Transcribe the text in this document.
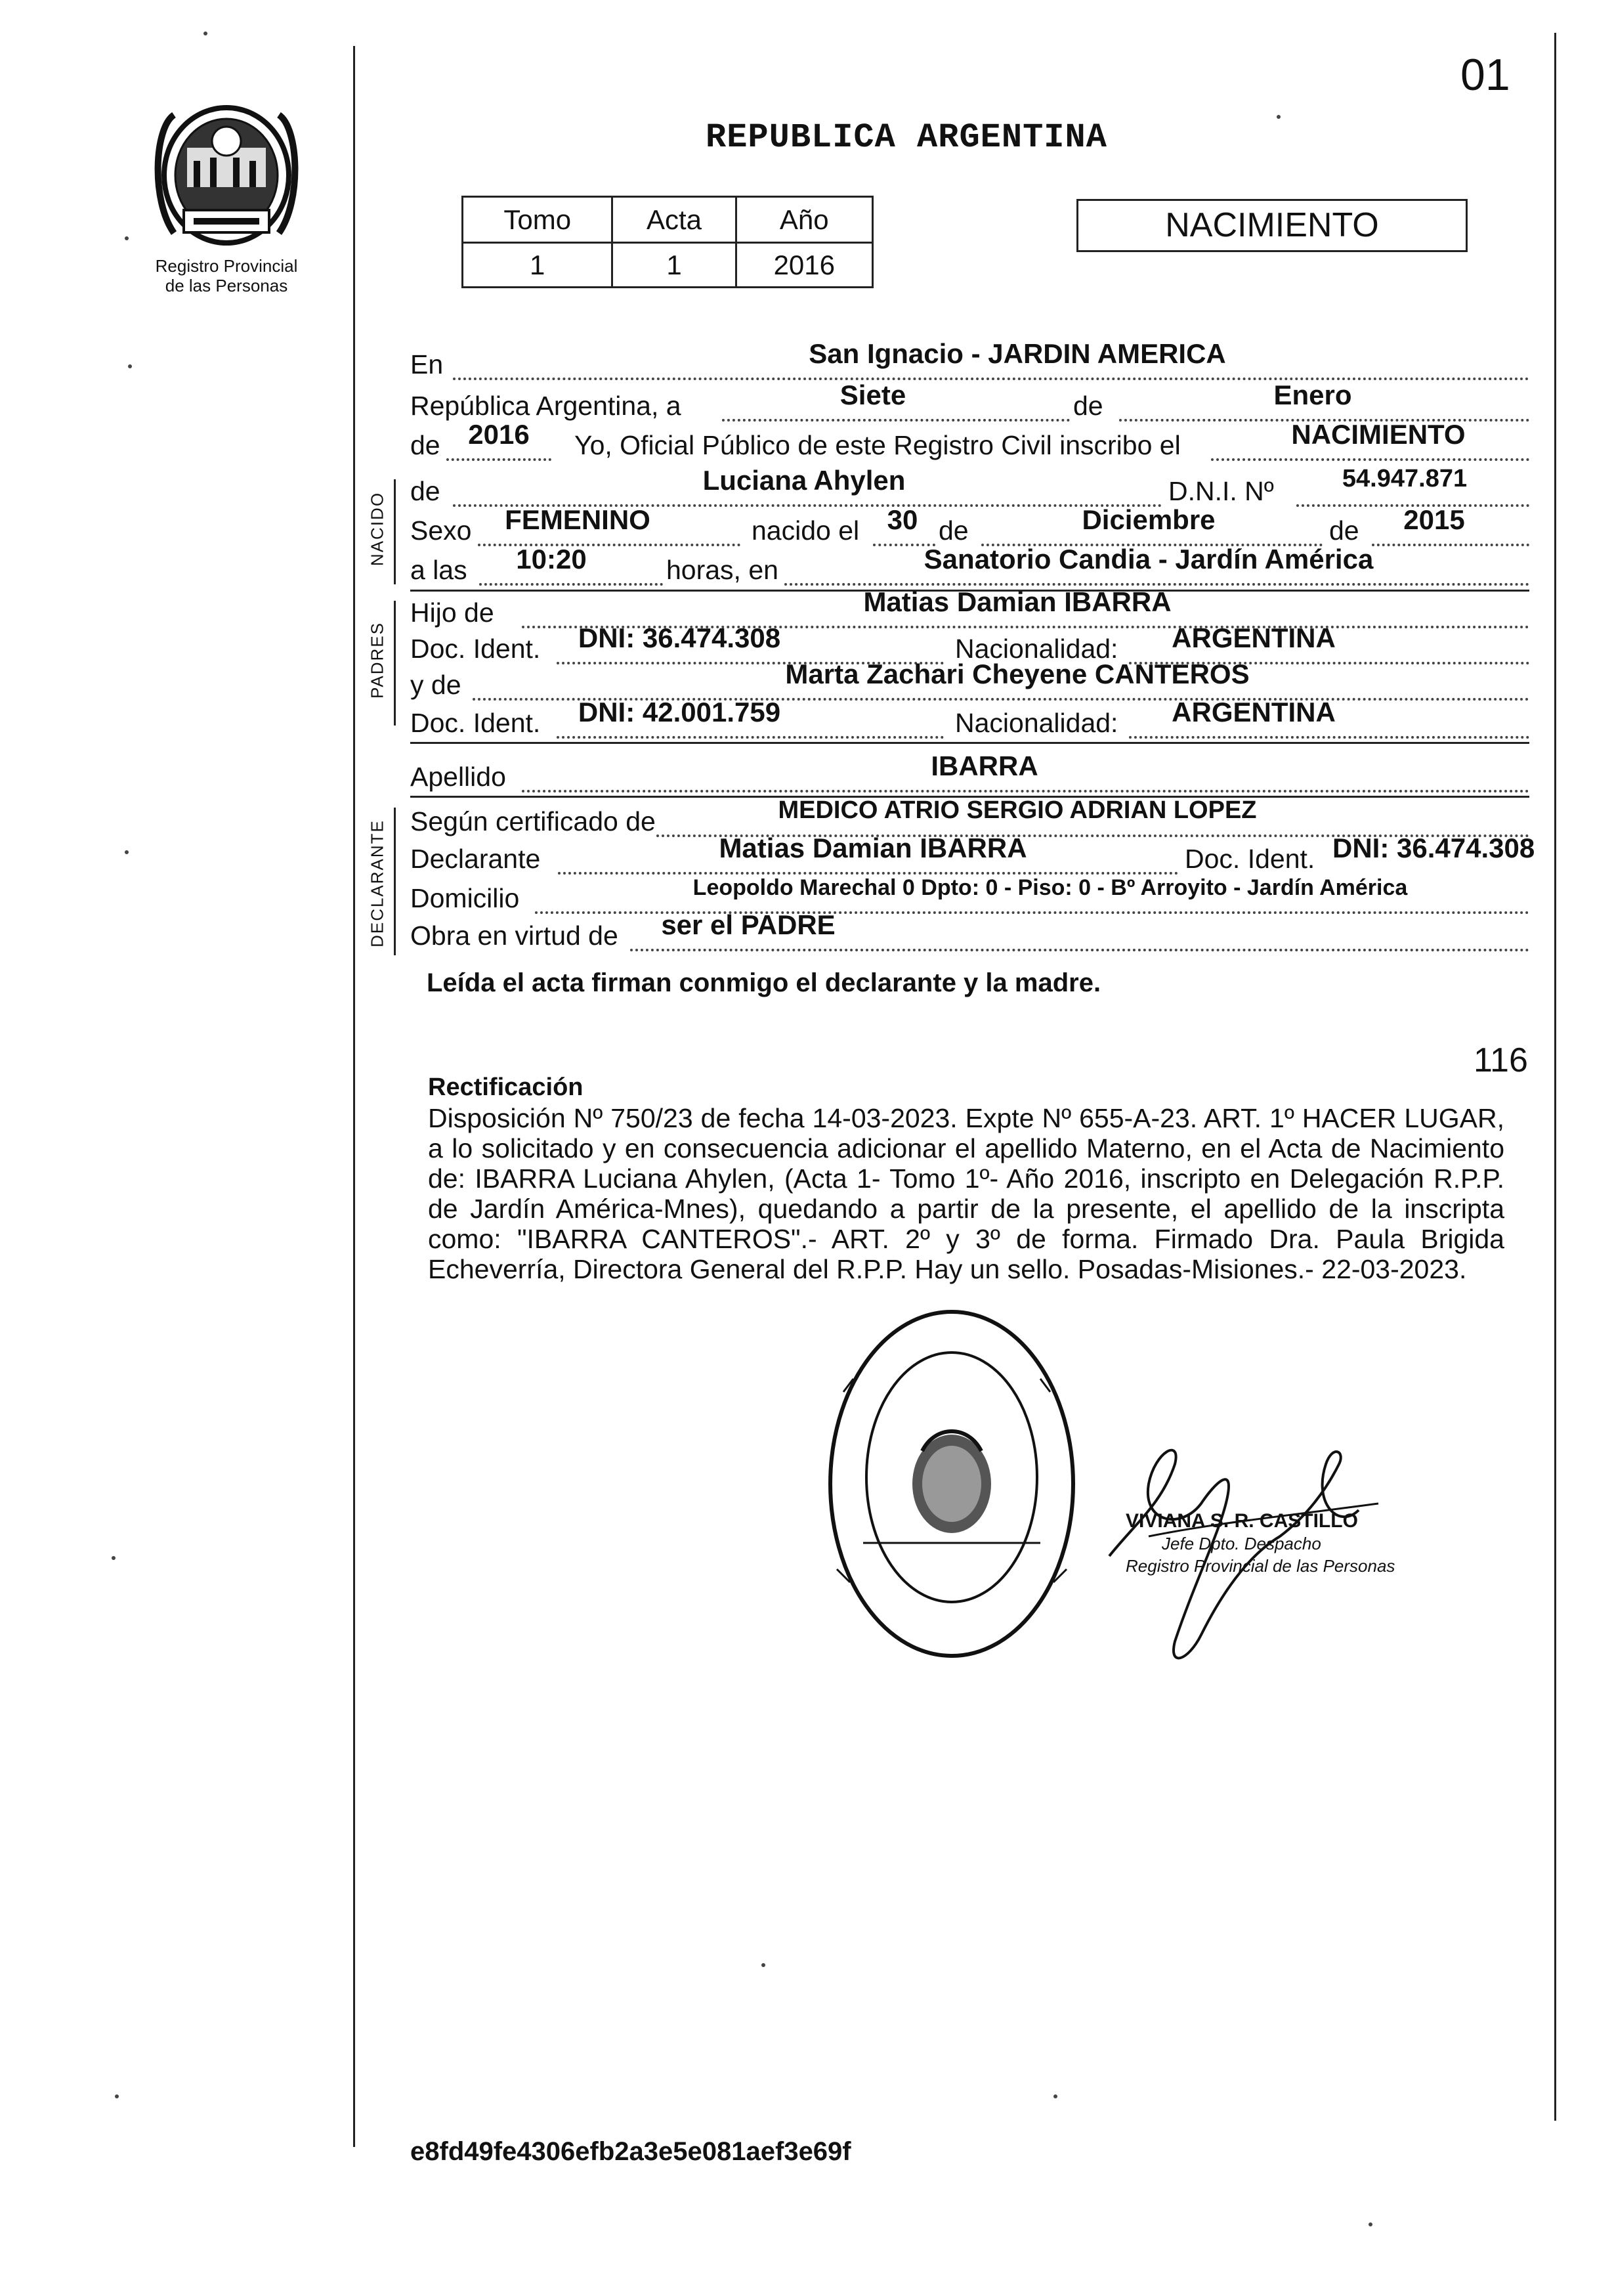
01
Registro Provincial
de las Personas
REPUBLICA ARGENTINA
Tomo	Acta	Año
1	1	2016
NACIMIENTO
En	San Ignacio - JARDIN AMERICA
República Argentina, a	Siete	de	Enero
de	2016	Yo, Oficial Público de este Registro Civil inscribo el	NACIMIENTO
NACIDO
de	Luciana Ahylen	D.N.I. Nº	54.947.871
Sexo	FEMENINO	nacido el	30 de	Diciembre	de	2015
a las	10:20	horas, en	Sanatorio Candia - Jardín América
PADRES
Hijo de	Matias Damian IBARRA
Doc. Ident.	DNI: 36.474.308	Nacionalidad:	ARGENTINA
y de	Marta Zachari Cheyene CANTEROS
Doc. Ident.	DNI: 42.001.759	Nacionalidad:	ARGENTINA
Apellido	IBARRA
DECLARANTE Según certificado de	MEDICO ATRIO SERGIO ADRIAN LOPEZ
Declarante	Matias Damian IBARRA	Doc. Ident. DNI: 36.474.308
Domicilio	Leopoldo Marechal 0 Dpto: 0 - Piso: 0 - Bº Arroyito - Jardín América
Obra en virtud de	ser el PADRE
Leída el acta firman conmigo el declarante y la madre.
116
Rectificación
Disposición Nº 750/23 de fecha 14-03-2023. Expte Nº 655-A-23. ART. 1º HACER LUGAR, a lo solicitado y en consecuencia adicionar el apellido Materno, en el Acta de Nacimiento de: IBARRA Luciana Ahylen, (Acta 1- Tomo 1º- Año 2016, inscripto en Delegación R.P.P. de Jardín América-Mnes), quedando a partir de la presente, el apellido de la inscripta como: "IBARRA CANTEROS".- ART. 2º y 3º de forma. Firmado Dra. Paula Brigida Echeverría, Directora General del R.P.P. Hay un sello. Posadas-Misiones.- 22-03-2023.
VIVIANA S. R. CASTILLO
Jefe Dpto. Despacho
Registro Provincial de las Personas
e8fd49fe4306efb2a3e5e081aef3e69f
